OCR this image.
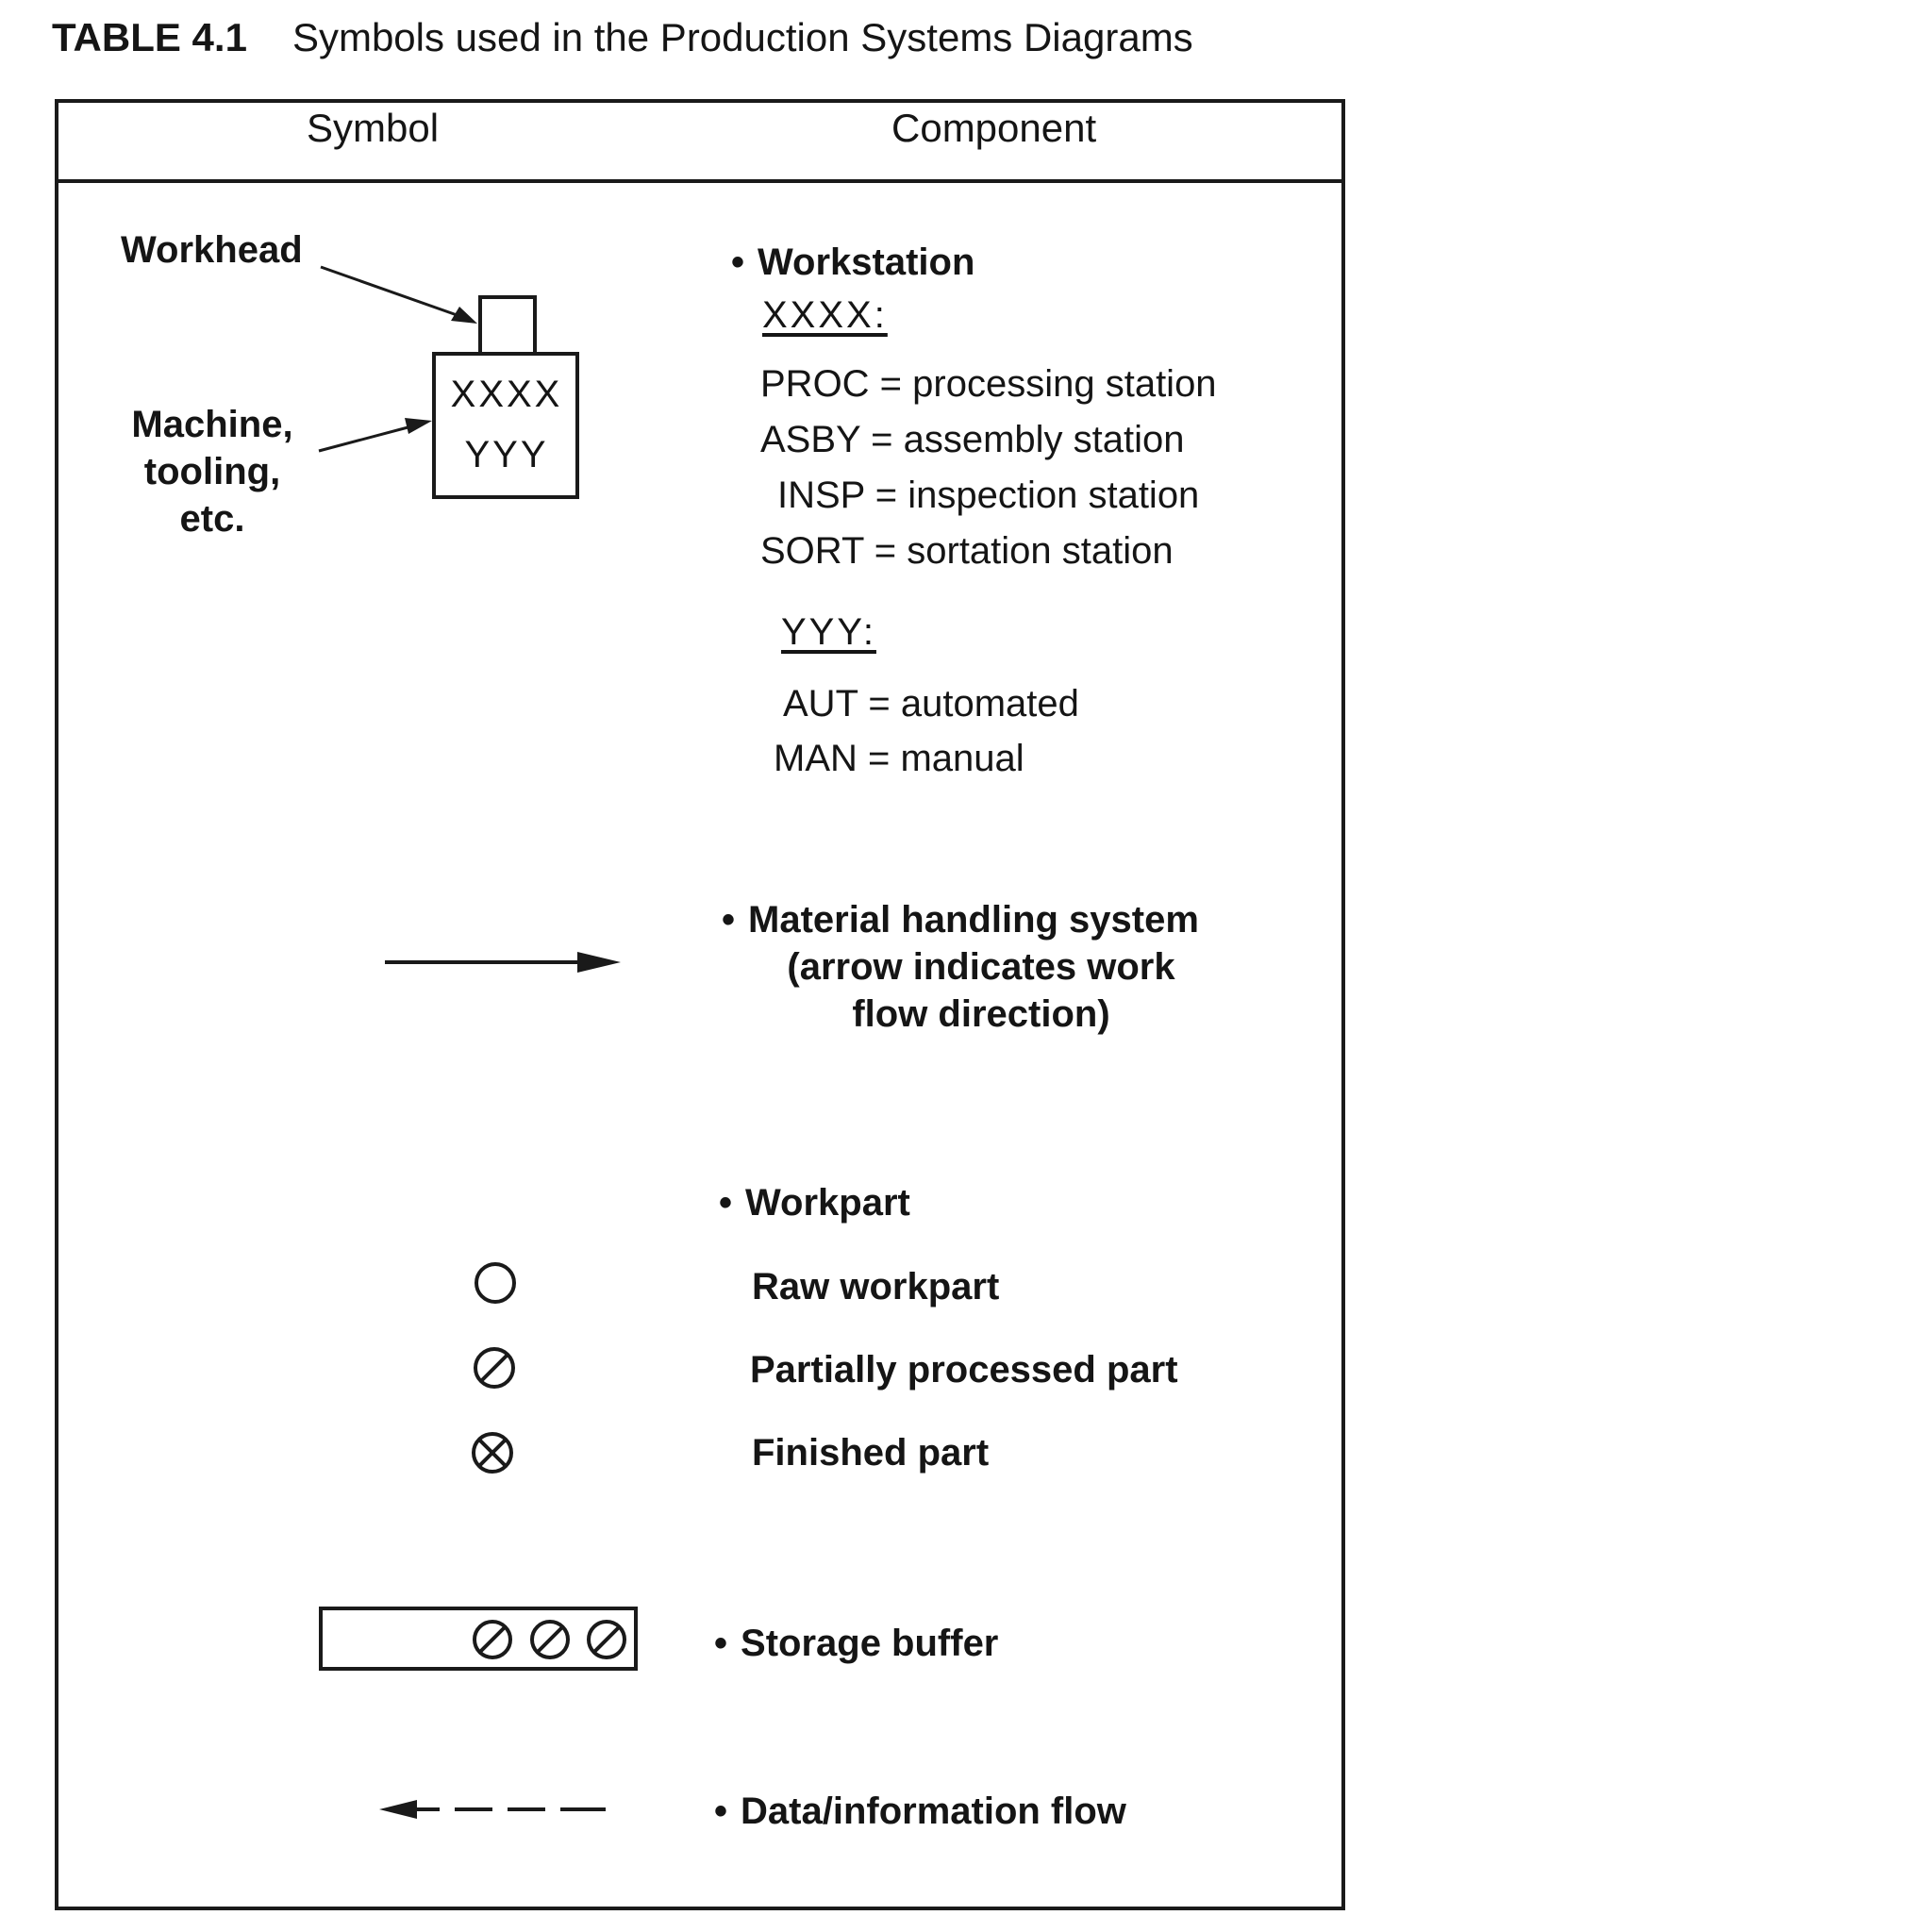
TABLE 4.1 Symbols used in the Production Systems Diagrams
Symbol	Component
Workhead
Machine,
tooling,
etc.
XXXX
YYY
• Workstation
XXXX:
PROC = processing station
ASBY = assembly station
INSP = inspection station
SORT = sortation station
YYY:
AUT = automated
MAN = manual
• Material handling system
(arrow indicates work
flow direction)
• Workpart
Raw workpart
Partially processed part
Finished part
• Storage buffer
• Data/information flow
